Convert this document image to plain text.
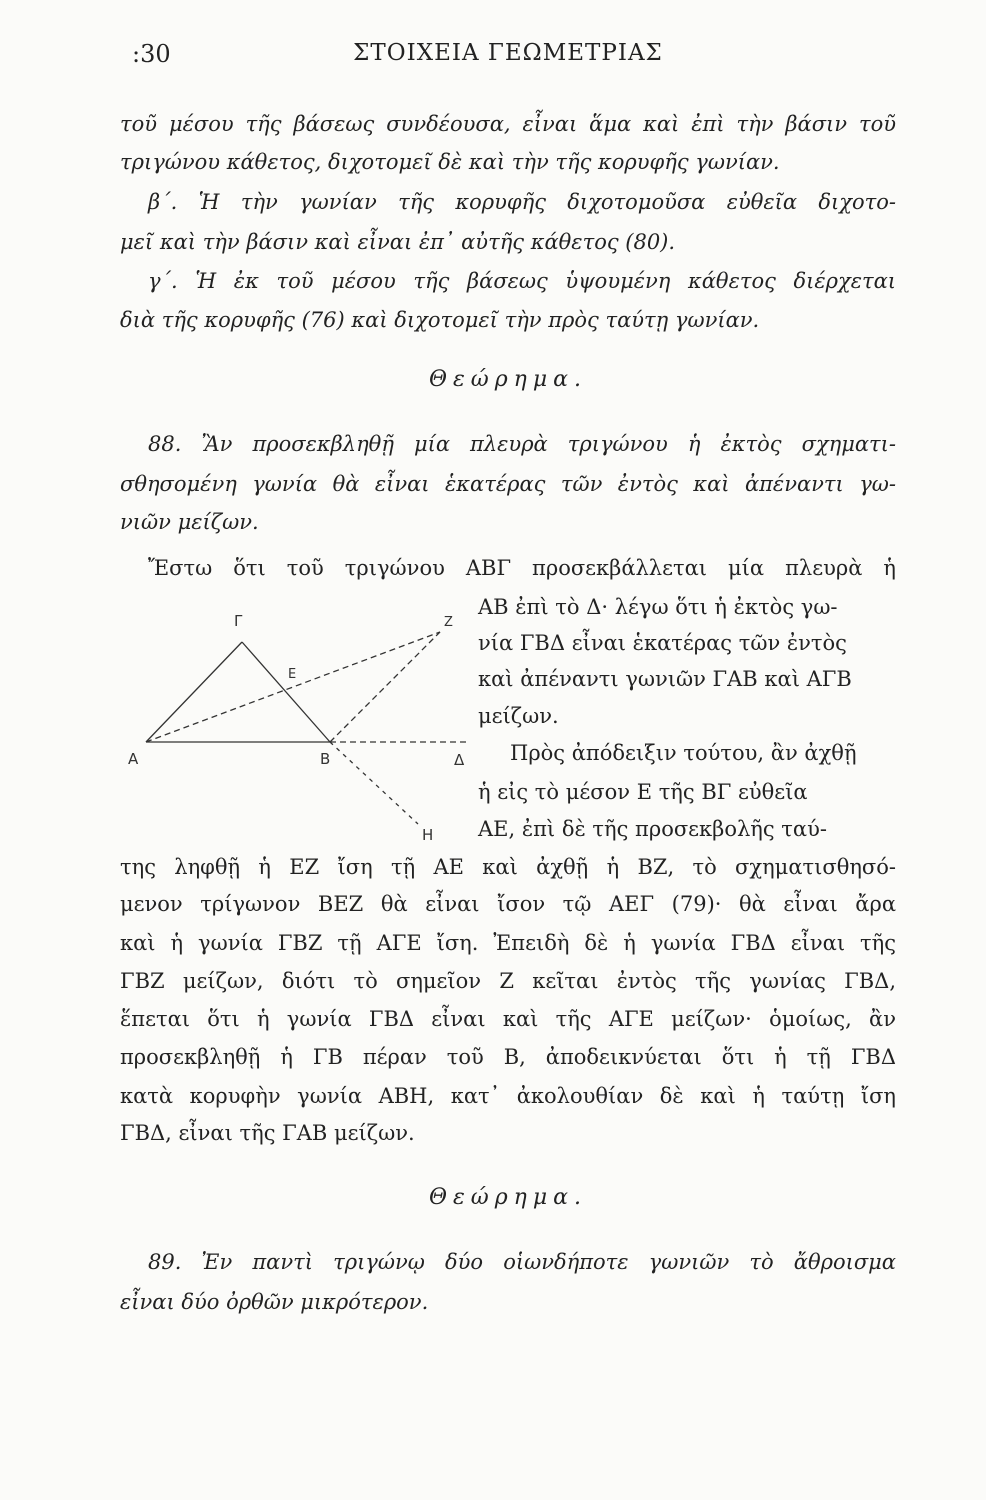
:30	ΣΤΟΙΧΕΙΑ ΓΕΩΜΕΤΡΙΑΣ
τοῦ μέσου τῆς βάσεως συνδέουσα, εἶναι ἅμα καὶ ἐπὶ τὴν βάσιν τοῦ
τριγώνου κάθετος, διχοτομεῖ δὲ καὶ τὴν τῆς κορυφῆς γωνίαν.
β΄. Ἡ τὴν γωνίαν τῆς κορυφῆς διχοτομοῦσα εὐθεῖα διχοτο-
μεῖ καὶ τὴν βάσιν καὶ εἶναι ἐπ᾽ αὐτῆς κάθετος (80).
γ΄. Ἡ ἐκ τοῦ μέσου τῆς βάσεως ὑψουμένη κάθετος διέρχεται
διὰ τῆς κορυφῆς (76) καὶ διχοτομεῖ τὴν πρὸς ταύτῃ γωνίαν.
Θεώρημα.
88. Ἂν προσεκβληθῇ μία πλευρὰ τριγώνου ἡ ἐκτὸς σχηματι-
σθησομένη γωνία θὰ εἶναι ἑκατέρας τῶν ἐντὸς καὶ ἀπέναντι γω-
νιῶν μείζων.
Ἔστω ὅτι τοῦ τριγώνου ΑΒΓ προσεκβάλλεται μία πλευρὰ ἡ
Α	Β
Γ
Δ
Ε
Ζ
Η
ΑΒ ἐπὶ τὸ Δ· λέγω ὅτι ἡ ἐκτὸς γω-
νία ΓΒΔ εἶναι ἑκατέρας τῶν ἐντὸς
καὶ ἀπέναντι γωνιῶν ΓΑΒ καὶ ΑΓΒ
μείζων.
Πρὸς ἀπόδειξιν τούτου, ἂν ἀχθῇ
ἡ εἰς τὸ μέσον Ε τῆς ΒΓ εὐθεῖα
ΑΕ, ἐπὶ δὲ τῆς προσεκβολῆς ταύ-
της ληφθῇ ἡ ΕΖ ἴση τῇ ΑΕ καὶ ἀχθῇ ἡ ΒΖ, τὸ σχηματισθησό-
μενον τρίγωνον ΒΕΖ θὰ εἶναι ἴσον τῷ ΑΕΓ (79)· θὰ εἶναι ἄρα
καὶ ἡ γωνία ΓΒΖ τῇ ΑΓΕ ἴση. Ἐπειδὴ δὲ ἡ γωνία ΓΒΔ εἶναι τῆς
ΓΒΖ μείζων, διότι τὸ σημεῖον Ζ κεῖται ἐντὸς τῆς γωνίας ΓΒΔ,
ἕπεται ὅτι ἡ γωνία ΓΒΔ εἶναι καὶ τῆς ΑΓΕ μείζων· ὁμοίως, ἂν
προσεκβληθῇ ἡ ΓΒ πέραν τοῦ Β, ἀποδεικνύεται ὅτι ἡ τῇ ΓΒΔ
κατὰ κορυφὴν γωνία ΑΒΗ, κατ᾽ ἀκολουθίαν δὲ καὶ ἡ ταύτῃ ἴση
ΓΒΔ, εἶναι τῆς ΓΑΒ μείζων.
Θεώρημα.
89. Ἐν παντὶ τριγώνῳ δύο οἱωνδήποτε γωνιῶν τὸ ἄθροισμα
εἶναι δύο ὀρθῶν μικρότερον.
